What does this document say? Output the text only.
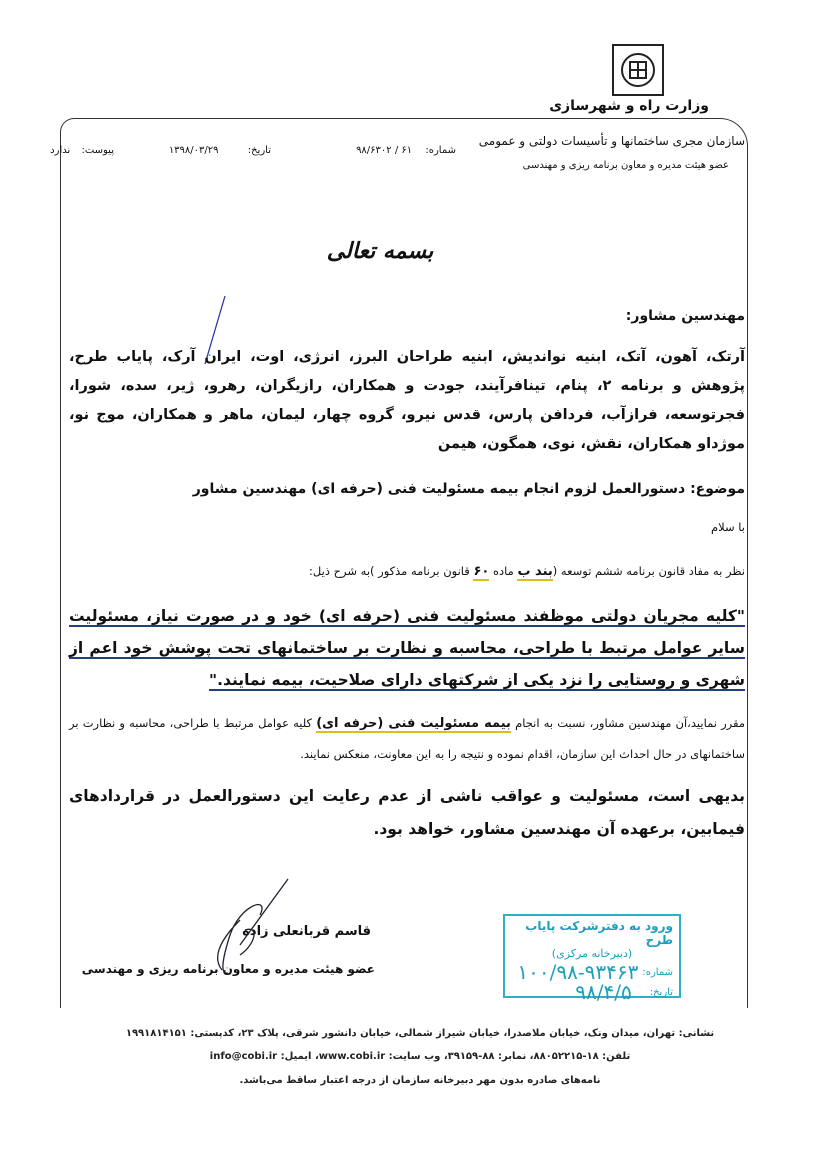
وزارت راه و شهرسازی
سازمان مجری ساختمانها و تأسیسات دولتی و عمومی
عضو هیئت مدیره و معاون برنامه ریزی و مهندسی
شماره: ۶۱ / ۹۸/۶۳۰۲
تاریخ: ۱۳۹۸/۰۳/۲۹
پیوست: ندارد
بسمه تعالی
مهندسین مشاور:
آرتک، آهون، آتک، ابنیه نواندیش، ابنیه طراحان البرز، انرژی، اوت، ایران آرک، پایاب طرح، پژوهش و برنامه ۲، پنام، تینافرآیند، جودت و همکاران، رازیگران، رهرو، ژیر، سده، شورا، فجرتوسعه، فرازآب، فردافن پارس، قدس نیرو، گروه چهار، لیمان، ماهر و همکاران، موج نو، موژداو همکاران، نقش، نوی، همگون، هیمن
موضوع: دستورالعمل لزوم انجام بیمه مسئولیت فنی (حرفه ای) مهندسین مشاور
با سلام
نظر به مفاد قانون برنامه ششم توسعه (بند ب ماده ۶۰ قانون برنامه مذکور )به شرح ذیل:
"کلیه مجریان دولتی موظفند مسئولیت فنی (حرفه ای) خود و در صورت نیاز، مسئولیت سایر عوامل مرتبط با طراحی، محاسبه و نظارت بر ساختمانهای تحت پوشش خود اعم از شهری و روستایی را نزد یکی از شرکتهای دارای صلاحیت، بیمه نمایند."
مقرر نمایید،آن مهندسین مشاور، نسبت به انجام بیمه مسئولیت فنی (حرفه ای) کلیه عوامل مرتبط با طراحی، محاسبه و نظارت بر ساختمانهای در حال احداث این سازمان، اقدام نموده و نتیجه را به این معاونت، منعکس نمایند.
بدیهی است، مسئولیت و عواقب ناشی از عدم رعایت این دستورالعمل در قراردادهای فیمابین، برعهده آن مهندسین مشاور، خواهد بود.
قاسم قربانعلی زاده
عضو هیئت مدیره و معاون برنامه ریزی و مهندسی
ورود به دفترشرکت پایاب طرح
(دبیرخانه مرکزی)
شماره:
۱۰۰/۹۸-۹۳۴۶۳
تاریخ:
۹۸/۴/۵
نشانی: تهران، میدان ونک، خیابان ملاصدرا، خیابان شیراز شمالی، خیابان دانشور شرقی، پلاک ۲۳، کدپستی: ۱۹۹۱۸۱۴۱۵۱
تلفن: ۱۸-۸۸۰۵۲۲۱۵، نمابر: ۸۸-۳۹۱۵۹، وب سایت: www.cobi.ir، ایمیل: info@cobi.ir
نامه‌های صادره بدون مهر دبیرخانه سازمان از درجه اعتبار ساقط می‌باشد.
